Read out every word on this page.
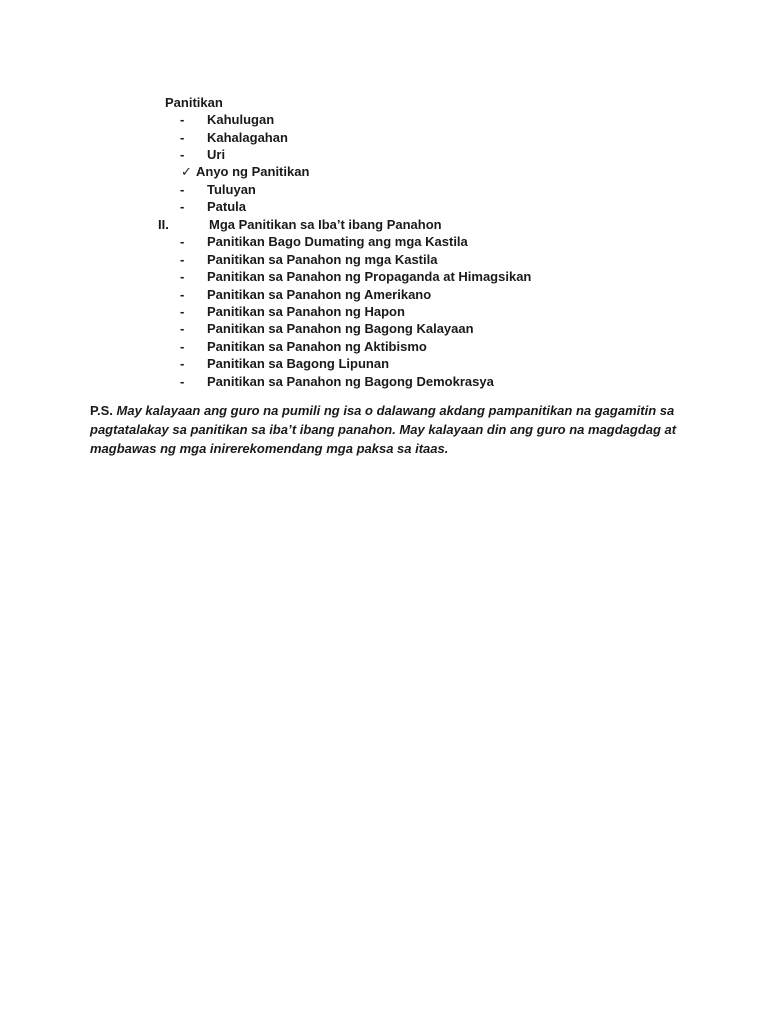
Panitikan
- Kahulugan
- Kahalagahan
- Uri
✓ Anyo ng Panitikan
- Tuluyan
- Patula
II.	Mga Panitikan sa Iba’t ibang Panahon
- Panitikan Bago Dumating ang mga Kastila
- Panitikan sa Panahon ng mga Kastila
- Panitikan sa Panahon ng Propaganda at Himagsikan
- Panitikan sa Panahon ng Amerikano
- Panitikan sa Panahon ng Hapon
- Panitikan sa Panahon ng Bagong Kalayaan
- Panitikan sa Panahon ng Aktibismo
- Panitikan sa Bagong Lipunan
- Panitikan sa Panahon ng Bagong Demokrasya
P.S. May kalayaan ang guro na pumili ng isa o dalawang akdang pampanitikan na gagamitin sa pagtatalakay sa panitikan sa iba’t ibang panahon. May kalayaan din ang guro na magdagdag at magbawas ng mga inirerekomendang mga paksa sa itaas.
